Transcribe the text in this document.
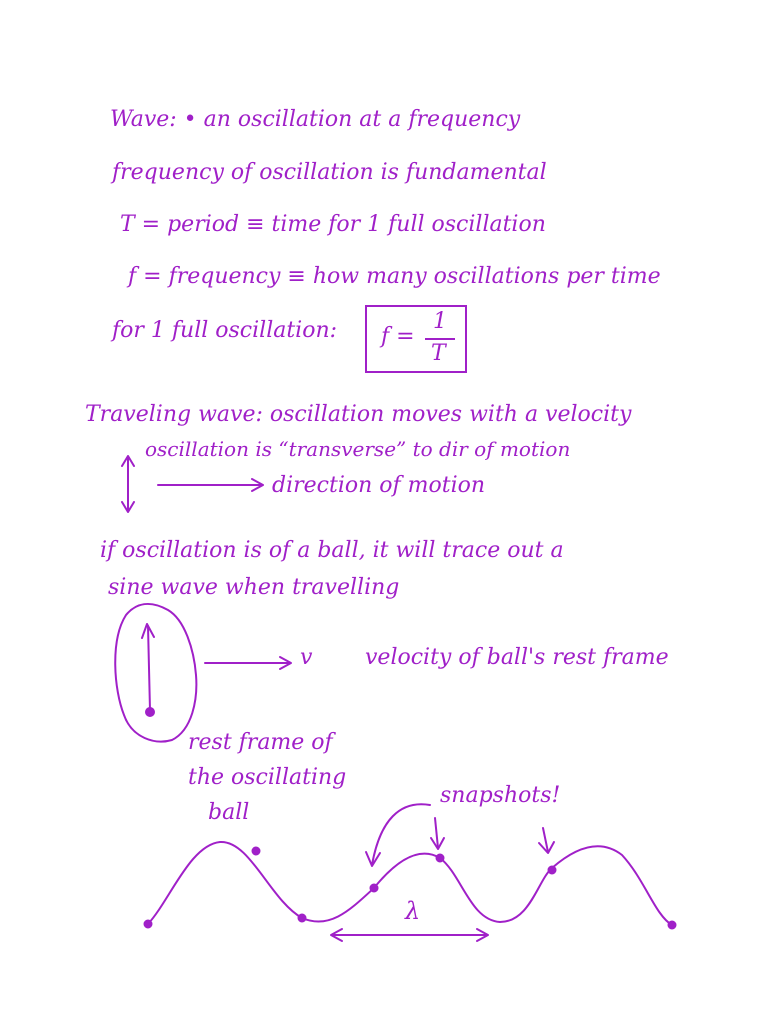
Wave: • an oscillation at a frequency
frequency of oscillation is fundamental
T = period ≡ time for 1 full oscillation
f = frequency ≡ how many oscillations per time
for 1 full oscillation: f =
1
T
Traveling wave: oscillation moves with a velocity
oscillation is “transverse” to dir of motion
direction of motion
if oscillation is of a ball, it will trace out a
sine wave when travelling
v velocity of ball's rest frame
rest frame of
the oscillating
ball
snapshots!
λ
